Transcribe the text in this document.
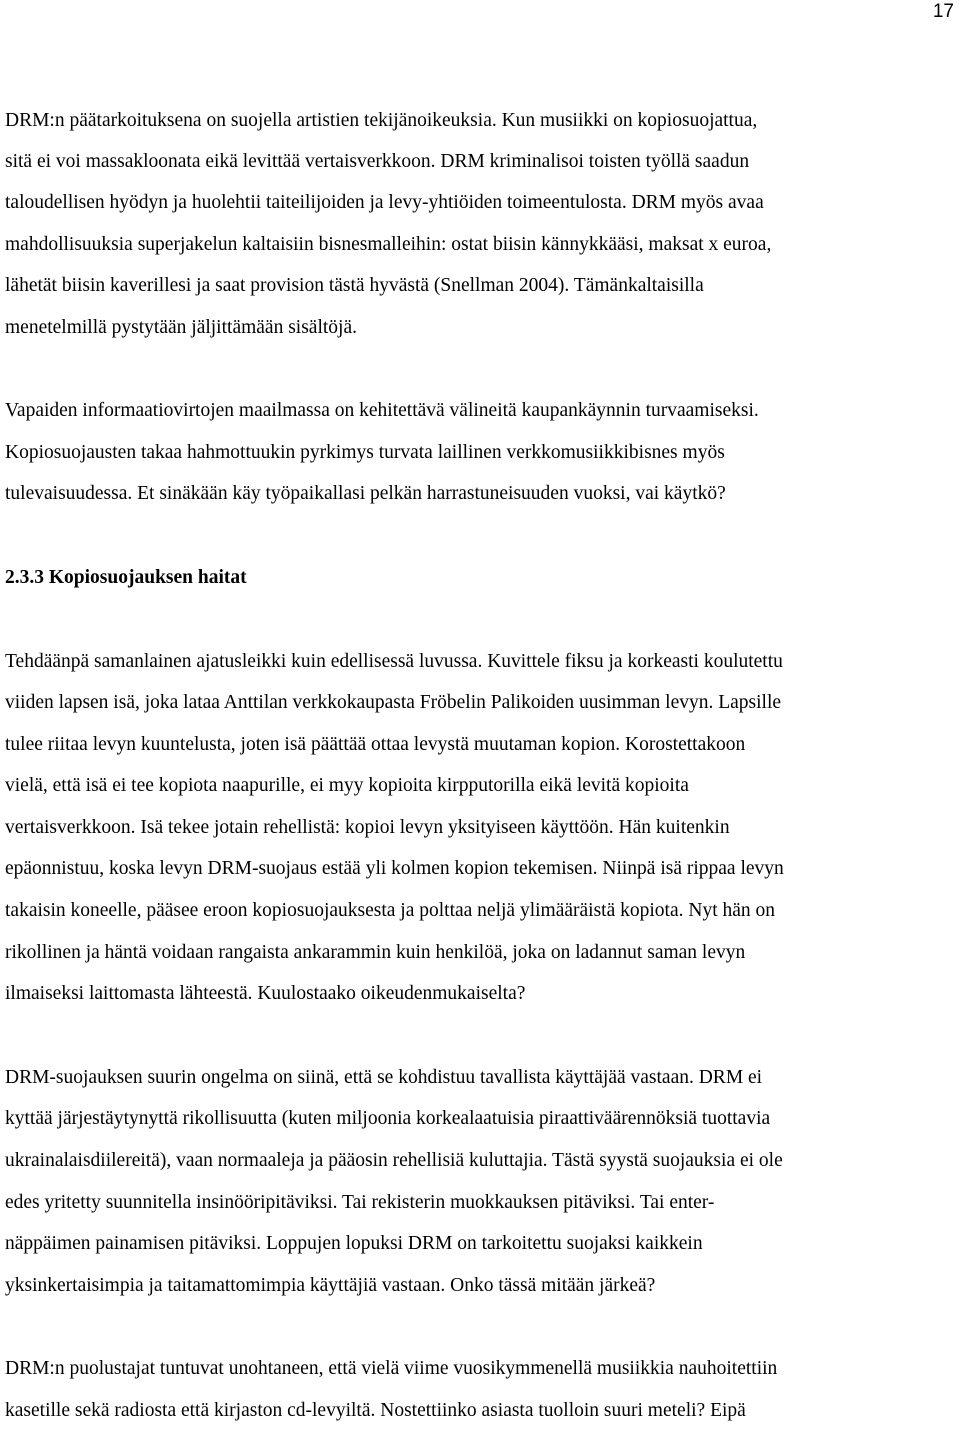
17
DRM:n päätarkoituksena on suojella artistien tekijänoikeuksia. Kun musiikki on kopiosuojattua,
sitä ei voi massakloonata eikä levittää vertaisverkkoon. DRM kriminalisoi toisten työllä saadun
taloudellisen hyödyn ja huolehtii taiteilijoiden ja levy-yhtiöiden toimeentulosta. DRM myös avaa
mahdollisuuksia superjakelun kaltaisiin bisnesmalleihin: ostat biisin kännykkääsi, maksat x euroa,
lähetät biisin kaverillesi ja saat provision tästä hyvästä (Snellman 2004). Tämänkaltaisilla
menetelmillä pystytään jäljittämään sisältöjä.
Vapaiden informaatiovirtojen maailmassa on kehitettävä välineitä kaupankäynnin turvaamiseksi.
Kopiosuojausten takaa hahmottuukin pyrkimys turvata laillinen verkkomusiikkibisnes myös
tulevaisuudessa. Et sinäkään käy työpaikallasi pelkän harrastuneisuuden vuoksi, vai käytkö?
2.3.3 Kopiosuojauksen haitat
Tehdäänpä samanlainen ajatusleikki kuin edellisessä luvussa. Kuvittele fiksu ja korkeasti koulutettu
viiden lapsen isä, joka lataa Anttilan verkkokaupasta Fröbelin Palikoiden uusimman levyn. Lapsille
tulee riitaa levyn kuuntelusta, joten isä päättää ottaa levystä muutaman kopion. Korostettakoon
vielä, että isä ei tee kopiota naapurille, ei myy kopioita kirpputorilla eikä levitä kopioita
vertaisverkkoon. Isä tekee jotain rehellistä: kopioi levyn yksityiseen käyttöön. Hän kuitenkin
epäonnistuu, koska levyn DRM-suojaus estää yli kolmen kopion tekemisen. Niinpä isä rippaa levyn
takaisin koneelle, pääsee eroon kopiosuojauksesta ja polttaa neljä ylimääräistä kopiota. Nyt hän on
rikollinen ja häntä voidaan rangaista ankarammin kuin henkilöä, joka on ladannut saman levyn
ilmaiseksi laittomasta lähteestä. Kuulostaako oikeudenmukaiselta?
DRM-suojauksen suurin ongelma on siinä, että se kohdistuu tavallista käyttäjää vastaan. DRM ei
kyttää järjestäytynyttä rikollisuutta (kuten miljoonia korkealaatuisia piraattiväärennöksiä tuottavia
ukrainalaisdiilereitä), vaan normaaleja ja pääosin rehellisiä kuluttajia. Tästä syystä suojauksia ei ole
edes yritetty suunnitella insinööripitäviksi. Tai rekisterin muokkauksen pitäviksi. Tai enter-
näppäimen painamisen pitäviksi. Loppujen lopuksi DRM on tarkoitettu suojaksi kaikkein
yksinkertaisimpia ja taitamattomimpia käyttäjiä vastaan. Onko tässä mitään järkeä?
DRM:n puolustajat tuntuvat unohtaneen, että vielä viime vuosikymmenellä musiikkia nauhoitettiin
kasetille sekä radiosta että kirjaston cd-levyiltä. Nostettiinko asiasta tuolloin suuri meteli? Eipä
